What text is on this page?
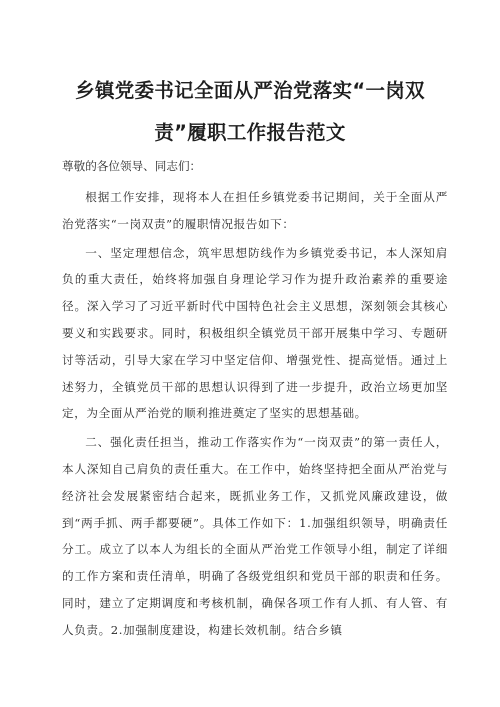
乡镇党委书记全面从严治党落实“一岗双
责”履职工作报告范文

尊敬的各位领导、同志们：

根据工作安排，现将本人在担任乡镇党委书记期间，关于全面从严治党落实“一岗双责”的履职情况报告如下：

一、坚定理想信念，筑牢思想防线作为乡镇党委书记，本人深知肩负的重大责任，始终将加强自身理论学习作为提升政治素养的重要途径。深入学习了习近平新时代中国特色社会主义思想，深刻领会其核心要义和实践要求。同时，积极组织全镇党员干部开展集中学习、专题研讨等活动，引导大家在学习中坚定信仰、增强党性、提高觉悟。通过上述努力，全镇党员干部的思想认识得到了进一步提升，政治立场更加坚定，为全面从严治党的顺利推进奠定了坚实的思想基础。

二、强化责任担当，推动工作落实作为“一岗双责”的第一责任人，本人深知自己肩负的责任重大。在工作中，始终坚持把全面从严治党与经济社会发展紧密结合起来，既抓业务工作，又抓党风廉政建设，做到“两手抓、两手都要硬”。具体工作如下：1.加强组织领导，明确责任分工。成立了以本人为组长的全面从严治党工作领导小组，制定了详细的工作方案和责任清单，明确了各级党组织和党员干部的职责和任务。同时，建立了定期调度和考核机制，确保各项工作有人抓、有人管、有人负责。2.加强制度建设，构建长效机制。结合乡镇
